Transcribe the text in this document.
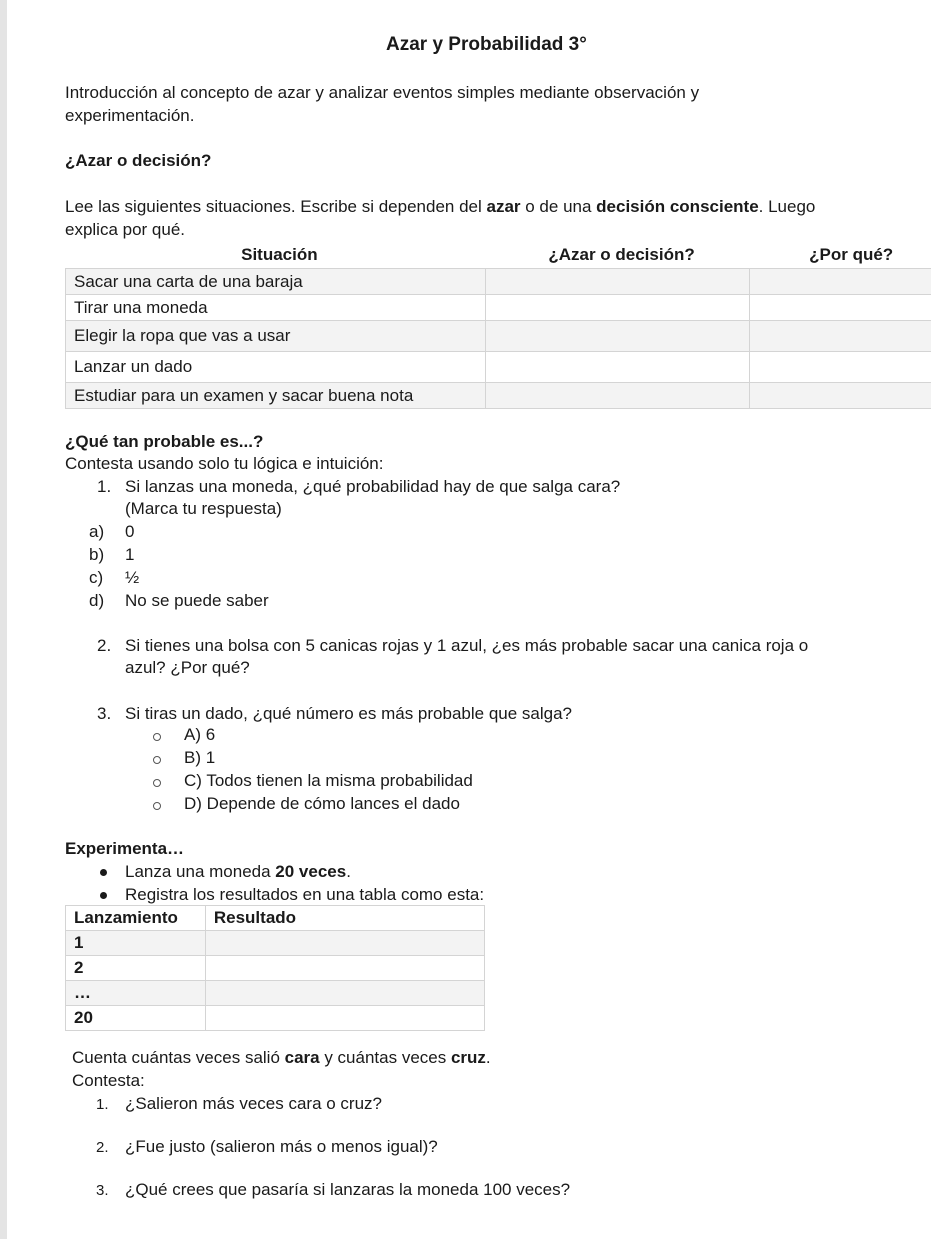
Azar y Probabilidad 3°
Introducción al concepto de azar y analizar eventos simples mediante observación y
experimentación.
¿Azar o decisión?
Lee las siguientes situaciones. Escribe si dependen del azar o de una decisión consciente. Luego
explica por qué.
Situación	¿Azar o decisión?	¿Por qué?
Sacar una carta de una baraja		
Tirar una moneda		
Elegir la ropa que vas a usar		
Lanzar un dado		
Estudiar para un examen y sacar buena nota		
¿Qué tan probable es...?
Contesta usando solo tu lógica e intuición:
1. Si lanzas una moneda, ¿qué probabilidad hay de que salga cara?
(Marca tu respuesta)
a) 0
b) 1
c) ½
d) No se puede saber
2. Si tienes una bolsa con 5 canicas rojas y 1 azul, ¿es más probable sacar una canica roja o
azul? ¿Por qué?
3. Si tiras un dado, ¿qué número es más probable que salga?
A) 6
B) 1
C) Todos tienen la misma probabilidad
D) Depende de cómo lances el dado
Experimenta…
Lanza una moneda 20 veces.
Registra los resultados en una tabla como esta:
Lanzamiento	Resultado
1	
2	
…	
20	
Cuenta cuántas veces salió cara y cuántas veces cruz.
Contesta:
1. ¿Salieron más veces cara o cruz?
2. ¿Fue justo (salieron más o menos igual)?
3. ¿Qué crees que pasaría si lanzaras la moneda 100 veces?
